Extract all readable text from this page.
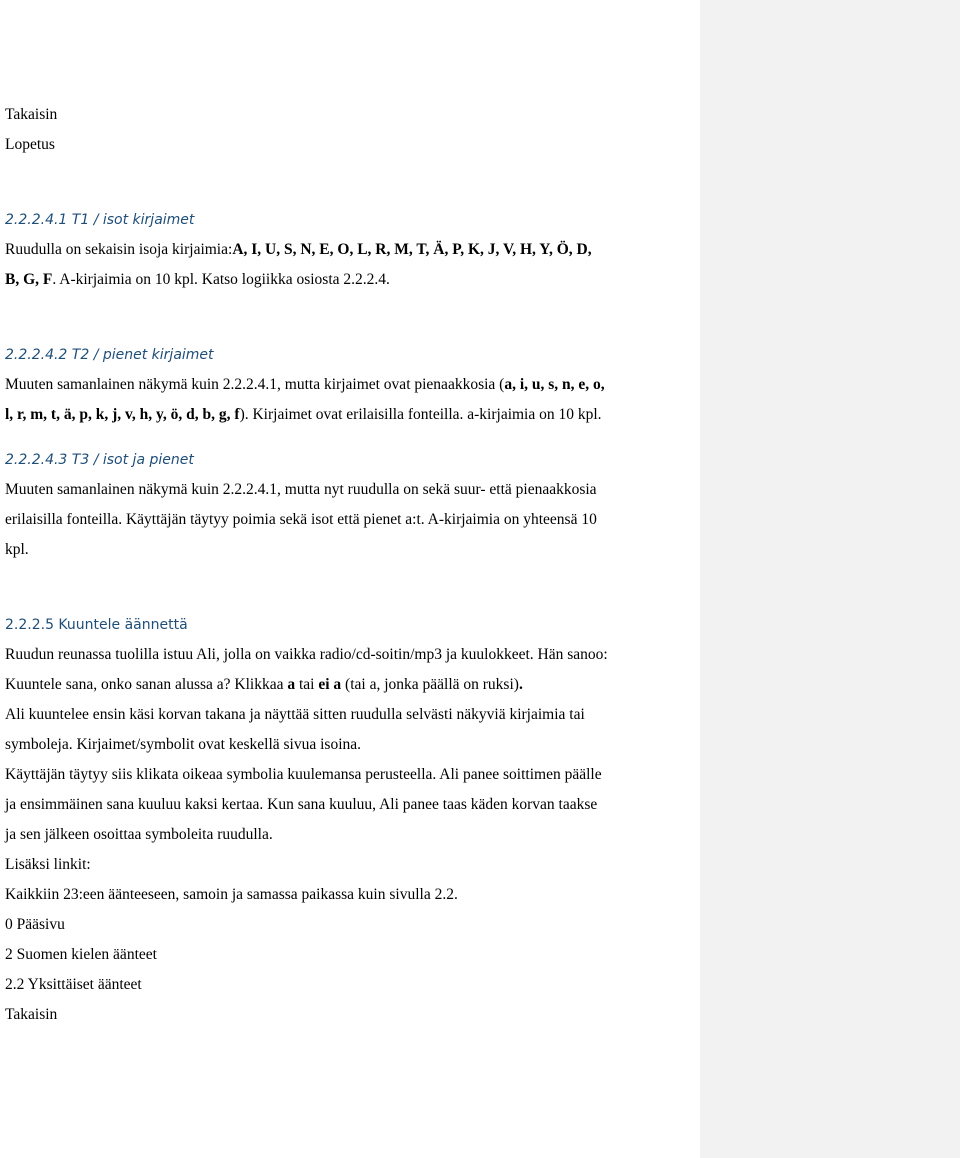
Takaisin

Lopetus

2.2.2.4.1 T1 / isot kirjaimet

Ruudulla on sekaisin isoja kirjaimia:A, I, U, S, N, E, O, L, R, M, T, Ä, P, K, J, V, H, Y, Ö, D,

B, G, F. A-kirjaimia on 10 kpl. Katso logiikka osiosta 2.2.2.4.

2.2.2.4.2 T2 / pienet kirjaimet

Muuten samanlainen näkymä kuin 2.2.2.4.1, mutta kirjaimet ovat pienaakkosia (a, i, u, s, n, e, o,

l, r, m, t, ä, p, k, j, v, h, y, ö, d, b, g, f). Kirjaimet ovat erilaisilla fonteilla. a-kirjaimia on 10 kpl.

2.2.2.4.3 T3 / isot ja pienet

Muuten samanlainen näkymä kuin 2.2.2.4.1, mutta nyt ruudulla on sekä suur- että pienaakkosia

erilaisilla fonteilla. Käyttäjän täytyy poimia sekä isot että pienet a:t. A-kirjaimia on yhteensä 10

kpl.

2.2.2.5 Kuuntele äännettä

Ruudun reunassa tuolilla istuu Ali, jolla on vaikka radio/cd-soitin/mp3 ja kuulokkeet. Hän sanoo:

Kuuntele sana, onko sanan alussa a? Klikkaa a tai ei a (tai a, jonka päällä on ruksi).

Ali kuuntelee ensin käsi korvan takana ja näyttää sitten ruudulla selvästi näkyviä kirjaimia tai

symboleja. Kirjaimet/symbolit ovat keskellä sivua isoina.

Käyttäjän täytyy siis klikata oikeaa symbolia kuulemansa perusteella. Ali panee soittimen päälle

ja ensimmäinen sana kuuluu kaksi kertaa. Kun sana kuuluu, Ali panee taas käden korvan taakse

ja sen jälkeen osoittaa symboleita ruudulla.

Lisäksi linkit:

Kaikkiin 23:een äänteeseen, samoin ja samassa paikassa kuin sivulla 2.2.

0 Pääsivu

2 Suomen kielen äänteet

2.2 Yksittäiset äänteet

Takaisin
